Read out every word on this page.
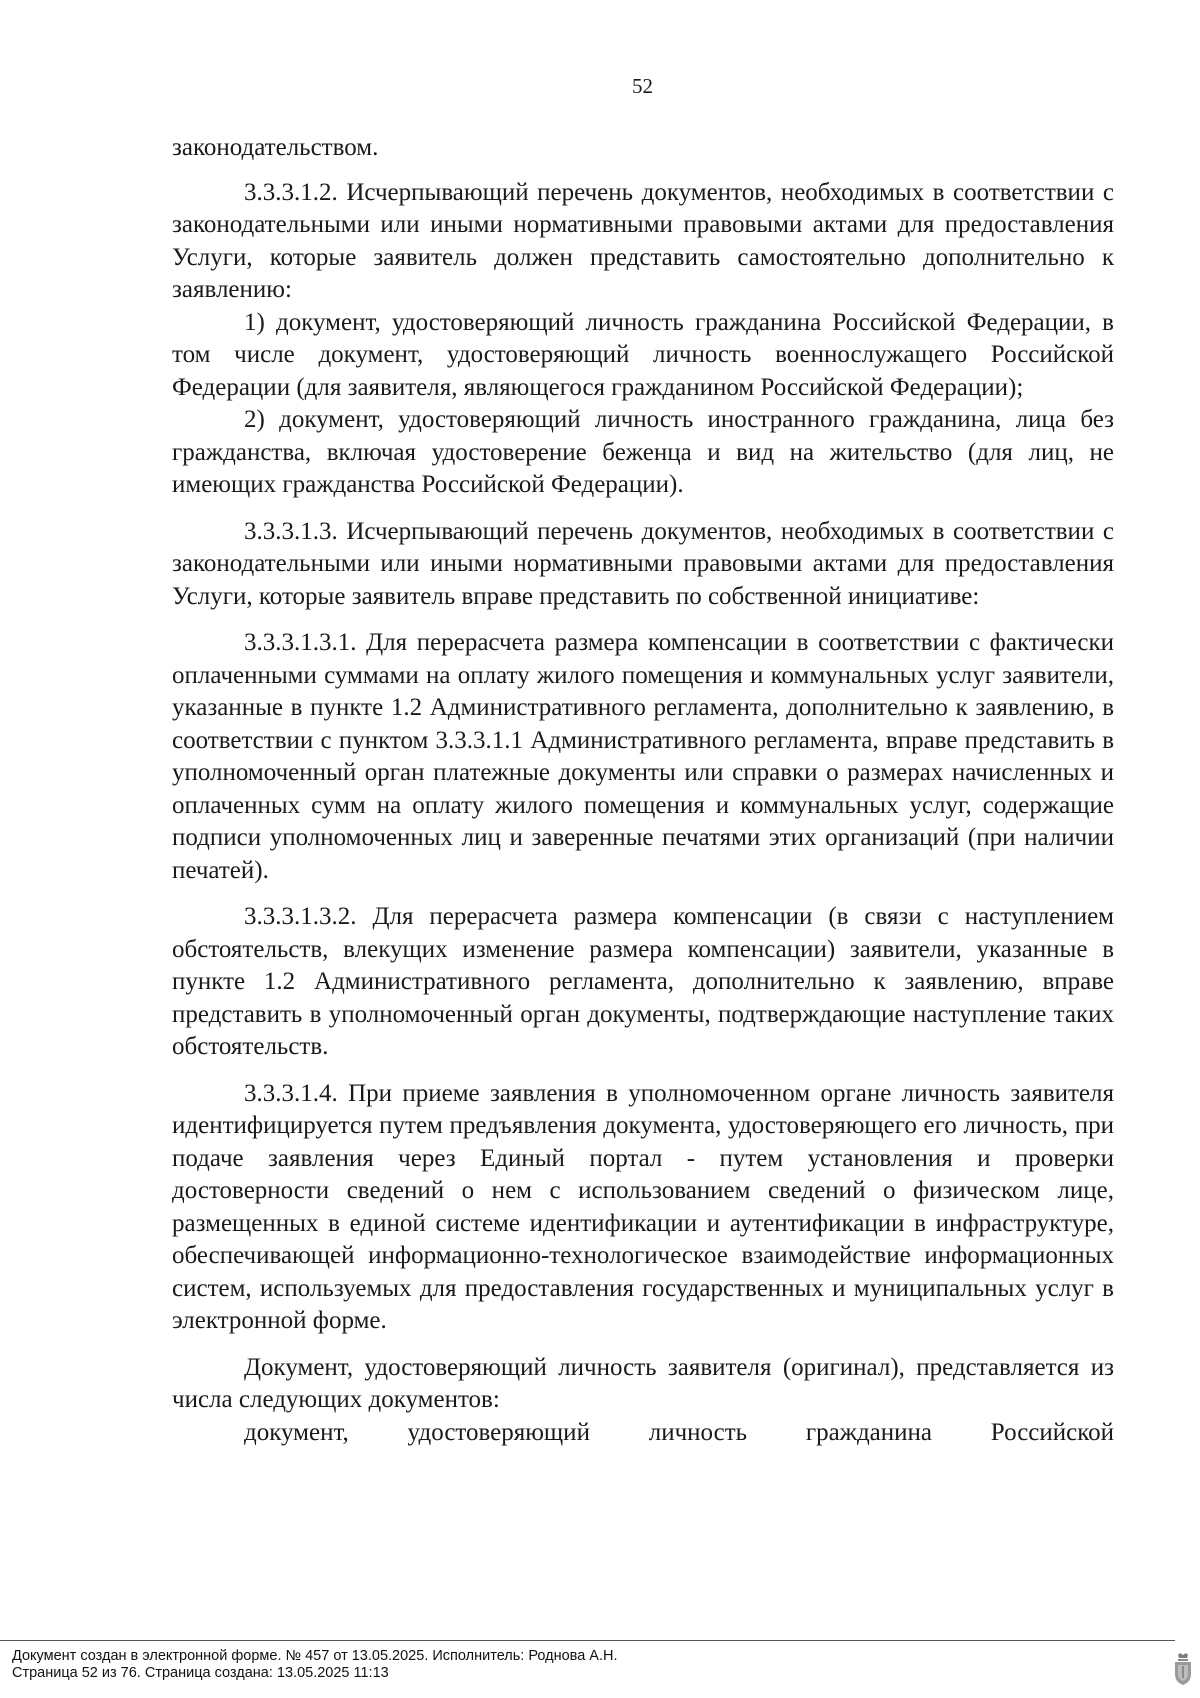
52

законодательством.

3.3.3.1.2. Исчерпывающий перечень документов, необходимых в соответствии с законодательными или иными нормативными правовыми актами для предоставления Услуги, которые заявитель должен представить самостоятельно дополнительно к заявлению:

1) документ, удостоверяющий личность гражданина Российской Федерации, в том числе документ, удостоверяющий личность военнослужащего Российской Федерации (для заявителя, являющегося гражданином Российской Федерации);

2) документ, удостоверяющий личность иностранного гражданина, лица без гражданства, включая удостоверение беженца и вид на жительство (для лиц, не имеющих гражданства Российской Федерации).

3.3.3.1.3. Исчерпывающий перечень документов, необходимых в соответствии с законодательными или иными нормативными правовыми актами для предоставления Услуги, которые заявитель вправе представить по собственной инициативе:

3.3.3.1.3.1. Для перерасчета размера компенсации в соответствии с фактически оплаченными суммами на оплату жилого помещения и коммунальных услуг заявители, указанные в пункте 1.2 Административного регламента, дополнительно к заявлению, в соответствии с пунктом 3.3.3.1.1 Административного регламента, вправе представить в уполномоченный орган платежные документы или справки о размерах начисленных и оплаченных сумм на оплату жилого помещения и коммунальных услуг, содержащие подписи уполномоченных лиц и заверенные печатями этих организаций (при наличии печатей).

3.3.3.1.3.2. Для перерасчета размера компенсации (в связи с наступлением обстоятельств, влекущих изменение размера компенсации) заявители, указанные в пункте 1.2 Административного регламента, дополнительно к заявлению, вправе представить в уполномоченный орган документы, подтверждающие наступление таких обстоятельств.

3.3.3.1.4. При приеме заявления в уполномоченном органе личность заявителя идентифицируется путем предъявления документа, удостоверяющего его личность, при подаче заявления через Единый портал - путем установления и проверки достоверности сведений о нем с использованием сведений о физическом лице, размещенных в единой системе идентификации и аутентификации в инфраструктуре, обеспечивающей информационно-технологическое взаимодействие информационных систем, используемых для предоставления государственных и муниципальных услуг в электронной форме.

Документ, удостоверяющий личность заявителя (оригинал), представляется из числа следующих документов:

документ, удостоверяющий личность гражданина Российской

Документ создан в электронной форме. № 457 от 13.05.2025. Исполнитель: Роднова А.Н.
Страница 52 из 76. Страница создана: 13.05.2025 11:13
